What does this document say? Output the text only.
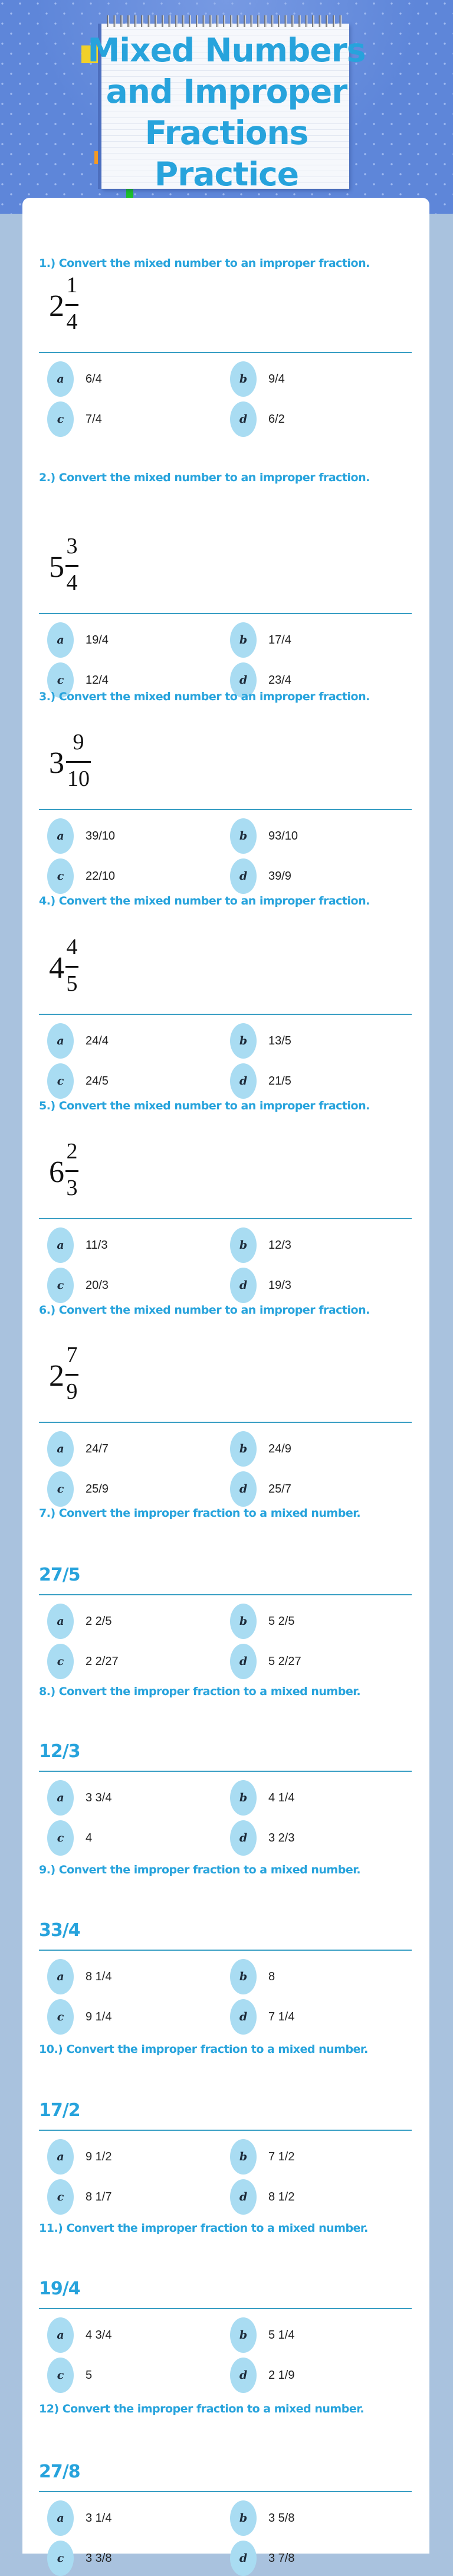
Mixed Numbers
and Improper
Fractions
Practice
1.) Convert the mixed number to an improper fraction.
2
1
4
a	6/4	b	9/4
c	7/4	d	6/2
2.) Convert the mixed number to an improper fraction.
5
3
4
a	19/4	b	17/4
c	12/4	d	23/4
3.) Convert the mixed number to an improper fraction.
3
9
10
a	39/10	b	93/10
c	22/10	d	39/9
4.) Convert the mixed number to an improper fraction.
4
4
5
a	24/4	b	13/5
c	24/5	d	21/5
5.) Convert the mixed number to an improper fraction.
6
2
3
a	11/3	b	12/3
c	20/3	d	19/3
6.) Convert the mixed number to an improper fraction.
2
7
9
a	24/7	b	24/9
c	25/9	d	25/7
7.) Convert the improper fraction to a mixed number.
27/5
a	2 2/5	b	5 2/5
c	2 2/27	d	5 2/27
8.) Convert the improper fraction to a mixed number.
12/3
a	3 3/4	b	4 1/4
c	4	d	3 2/3
9.) Convert the improper fraction to a mixed number.
33/4
a	8 1/4	b	8
c	9 1/4	d	7 1/4
10.) Convert the improper fraction to a mixed number.
17/2
a	9 1/2	b	7 1/2
c	8 1/7	d	8 1/2
11.) Convert the improper fraction to a mixed number.
19/4
a	4 3/4	b	5 1/4
c	5	d	2 1/9
12) Convert the improper fraction to a mixed number.
27/8
a	3 1/4	b	3 5/8
c	3 3/8	d	3 7/8
